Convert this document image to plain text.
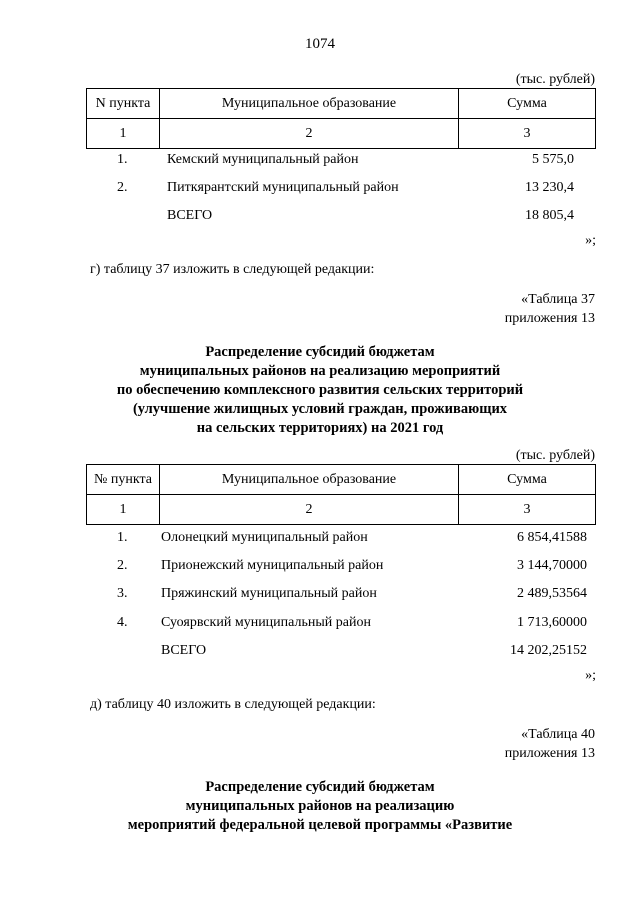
1074
(тыс. рублей)
N пункта	Муниципальное образование	Сумма
1	2	3
1.	Кемский муниципальный район	5 575,0
2.	Питкярантский муниципальный район	13 230,4
ВСЕГО	18 805,4
»;
г) таблицу 37 изложить в следующей редакции:
«Таблица 37
приложения 13
Распределение субсидий бюджетам
муниципальных районов на реализацию мероприятий
по обеспечению комплексного развития сельских территорий
(улучшение жилищных условий граждан, проживающих
на сельских территориях) на 2021 год
(тыс. рублей)
№ пункта	Муниципальное образование	Сумма
1	2	3
1. Олонецкий муниципальный район	6 854,41588
2. Прионежский муниципальный район	3 144,70000
3. Пряжинский муниципальный район	2 489,53564
4. Суоярвский муниципальный район	1 713,60000
ВСЕГО	14 202,25152
»;
д) таблицу 40 изложить в следующей редакции:
«Таблица 40
приложения 13
Распределение субсидий бюджетам
муниципальных районов на реализацию
мероприятий федеральной целевой программы «Развитие
